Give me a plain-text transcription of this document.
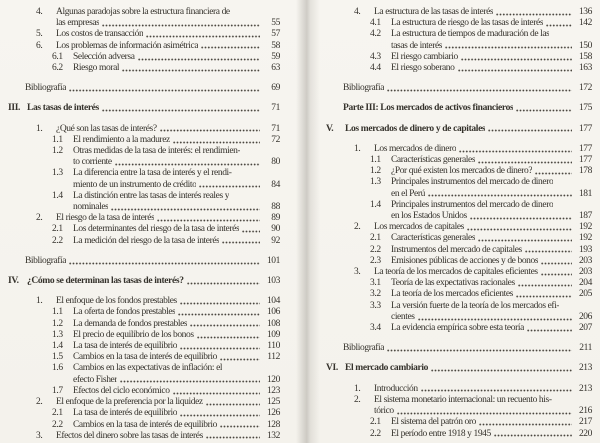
4.	Algunas paradojas sobre la estructura financiera de
las empresas	55
5.	Los costos de transacción	57
6.	Los problemas de información asimétrica	58
6.1	Selección adversa	59
6.2	Riesgo moral	63
Bibliografía	69
III. Las tasas de interés	71
1.	¿Qué son las tasas de interés?	71
1.1	El rendimiento a la madurez	72
1.2	Otras medidas de la tasa de interés: el rendimien-
to corriente	80
1.3	La diferencia entre la tasa de interés y el rendi-
miento de un instrumento de crédito	84
1.4	La distinción entre las tasas de interés reales y
nominales	88
2.	El riesgo de la tasa de interés	89
2.1	Los determinantes del riesgo de la tasa de interés	90
2.2	La medición del riesgo de la tasa de interés	92
Bibliografía	101
IV. ¿Cómo se determinan las tasas de interés?	103
1.	El enfoque de los fondos prestables	104
1.1	La oferta de fondos prestables	106
1.2	La demanda de fondos prestables	108
1.3	El precio de equilibrio de los bonos	109
1.4	La tasa de interés de equilibrio	110
1.5	Cambios en la tasa de interés de equilibrio	112
1.6	Cambios en las expectativas de inflación: el
efecto Fisher	120
1.7	Efectos del ciclo económico	123
2.	El enfoque de la preferencia por la liquidez	125
2.1	La tasa de interés de equilibrio	126
2.2	Cambios en la tasa de interés de equilibrio	128
3.	Efectos del dinero sobre las tasas de interés	132
4.	La estructura de las tasas de interés	136
4.1	La estructura de riesgo de las tasas de interés	142
4.2	La estructura de tiempos de maduración de las
tasas de interés	150
4.3	El riesgo cambiario	158
4.4	El riesgo soberano	163
Bibliografía	172
Parte III: Los mercados de activos financieros	175
V.	Los mercados de dinero y de capitales	177
1.	Los mercados de dinero	177
1.1	Características generales	177
1.2	¿Por qué existen los mercados de dinero?	178
1.3	Principales instrumentos del mercado de dinero
en el Perú	181
1.4	Principales instrumentos del mercado de dinero
en los Estados Unidos	187
2.	Los mercados de capitales	192
2.1	Características generales	192
2.2	Instrumentos del mercado de capitales	193
2.3	Emisiones públicas de acciones y de bonos	203
3.	La teoría de los mercados de capitales eficientes	203
3.1	Teoría de las expectativas racionales	204
3.2	La teoría de los mercados eficientes	205
3.3	La versión fuerte de la teoría de los mercados efi-
cientes	206
3.4	La evidencia empírica sobre esta teoría	207
Bibliografía	211
VI. El mercado cambiario	213
1.	Introducción	213
2.	El sistema monetario internacional: un recuento his-
tórico	216
2.1	El sistema del patrón oro	217
2.2	El período entre 1918 y 1945	220
